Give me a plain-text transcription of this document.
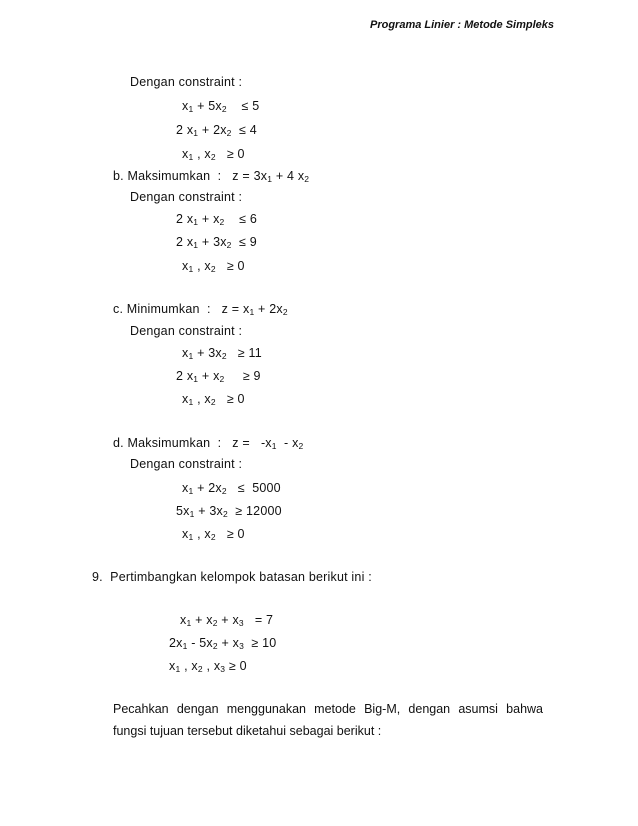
Programa Linier : Metode Simpleks
Dengan constraint :
$x_1 + 5x_2$    ≤ 5
2 $x_1 + 2x_2 \le 4$
$x_1$ , $x_2 \ge 0$
b. Maksimumkan  :   $z = 3x_1 + 4$ $x_2$
Dengan constraint :
2 $x_1 + x_2$    ≤ 6
2 $x_1 + 3x_2 \le 9$
$x_1$ , $x_2 \ge 0$
c. Minimumkan  :   $z = x_1 + 2x_2$
Dengan constraint :
$x_1 + 3x_2 \ge 11$
2 $x_1 + x_2$     ≥ 9
$x_1$ , $x_2 \ge 0$
d. Maksimumkan  :   $z = -x_1 - x_2$
Dengan constraint :
$x_1 + 2x_2 \le 5000$
$5x_1 + 3x_2 \ge 12000$
$x_1$ , $x_2 \ge 0$
9.  Pertimbangkan kelompok batasan berikut ini :
$x_1 + x_2 + x_3 = 7$
$2x_1 - 5x_2 + x_3 \ge 10$
$x_1$ , $x_2$ , $x_3 \ge 0$
Pecahkan dengan menggunakan metode Big-M, dengan asumsi bahwa
fungsi tujuan tersebut diketahui sebagai berikut :
